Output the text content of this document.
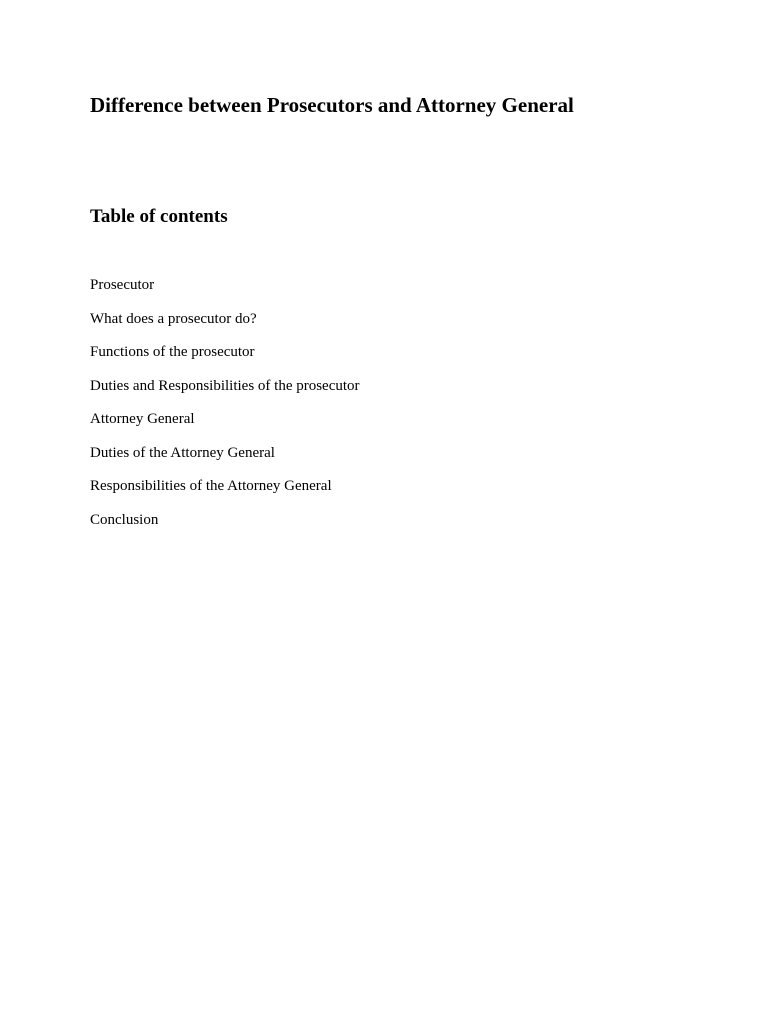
Difference between Prosecutors and Attorney General
Table of contents
Prosecutor
What does a prosecutor do?
Functions of the prosecutor
Duties and Responsibilities of the prosecutor
Attorney General
Duties of the Attorney General
Responsibilities of the Attorney General
Conclusion
